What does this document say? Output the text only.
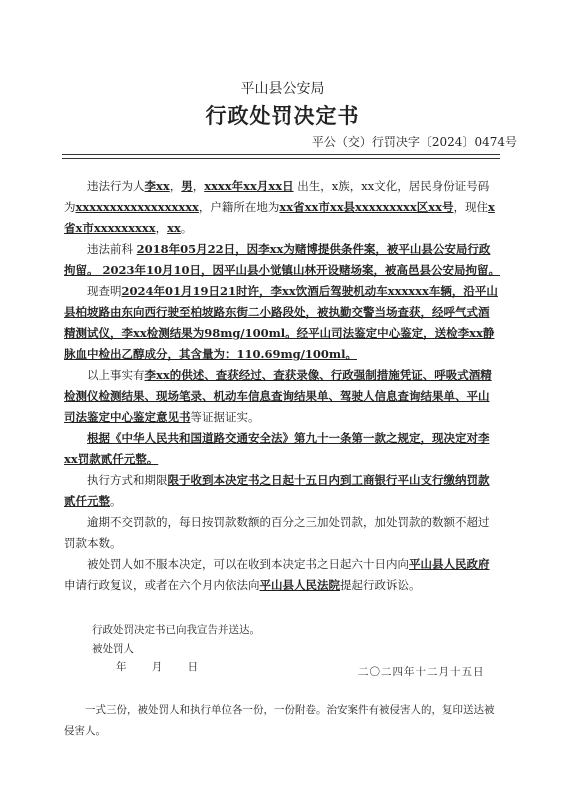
平山县公安局
行政处罚决定书
平公（交）行罚决字〔2024〕0474号

违法行为人李xx，男，xxxx年xx月xx日 出生，x族，xx文化，居民身份证号码为xxxxxxxxxxxxxxxxxx，户籍所在地为xx省xx市xx县xxxxxxxxx区xx号，现住x省x市xxxxxxxxx，xx。

违法前科 2018年05月22日，因李xx为赌博提供条件案，被平山县公安局行政拘留。 2023年10月10日，因平山县小觉镇山林开设赌场案，被高邑县公安局拘留。

现查明2024年01月19日21时许，李xx饮酒后驾驶机动车xxxxxx车辆，沿平山县柏坡路由东向西行驶至柏坡路东街二小路段处，被执勤交警当场查获，经呼气式酒精测试仪，李xx检测结果为98mg/100ml。经平山司法鉴定中心鉴定，送检李xx静脉血中检出乙醇成分，其含量为：110.69mg/100ml。

以上事实有李xx的供述、查获经过、查获录像、行政强制措施凭证、呼吸式酒精检测仪检测结果、现场笔录、机动车信息查询结果单、驾驶人信息查询结果单、平山司法鉴定中心鉴定意见书等证据证实。

根据《中华人民共和国道路交通安全法》第九十一条第一款之规定，现决定对李xx罚款贰仟元整。

执行方式和期限限于收到本决定书之日起十五日内到工商银行平山支行缴纳罚款贰仟元整。

逾期不交罚款的，每日按罚款数额的百分之三加处罚款，加处罚款的数额不超过罚款本数。

被处罚人如不服本决定，可以在收到本决定书之日起六十日内向平山县人民政府 申请行政复议，或者在六个月内依法向平山县人民法院提起行政诉讼。

行政处罚决定书已向我宣告并送达。
被处罚人
年 月 日	二〇二四年十二月十五日
一式三份，被处罚人和执行单位各一份，一份附卷。治安案件有被侵害人的，复印送达被侵害人。
